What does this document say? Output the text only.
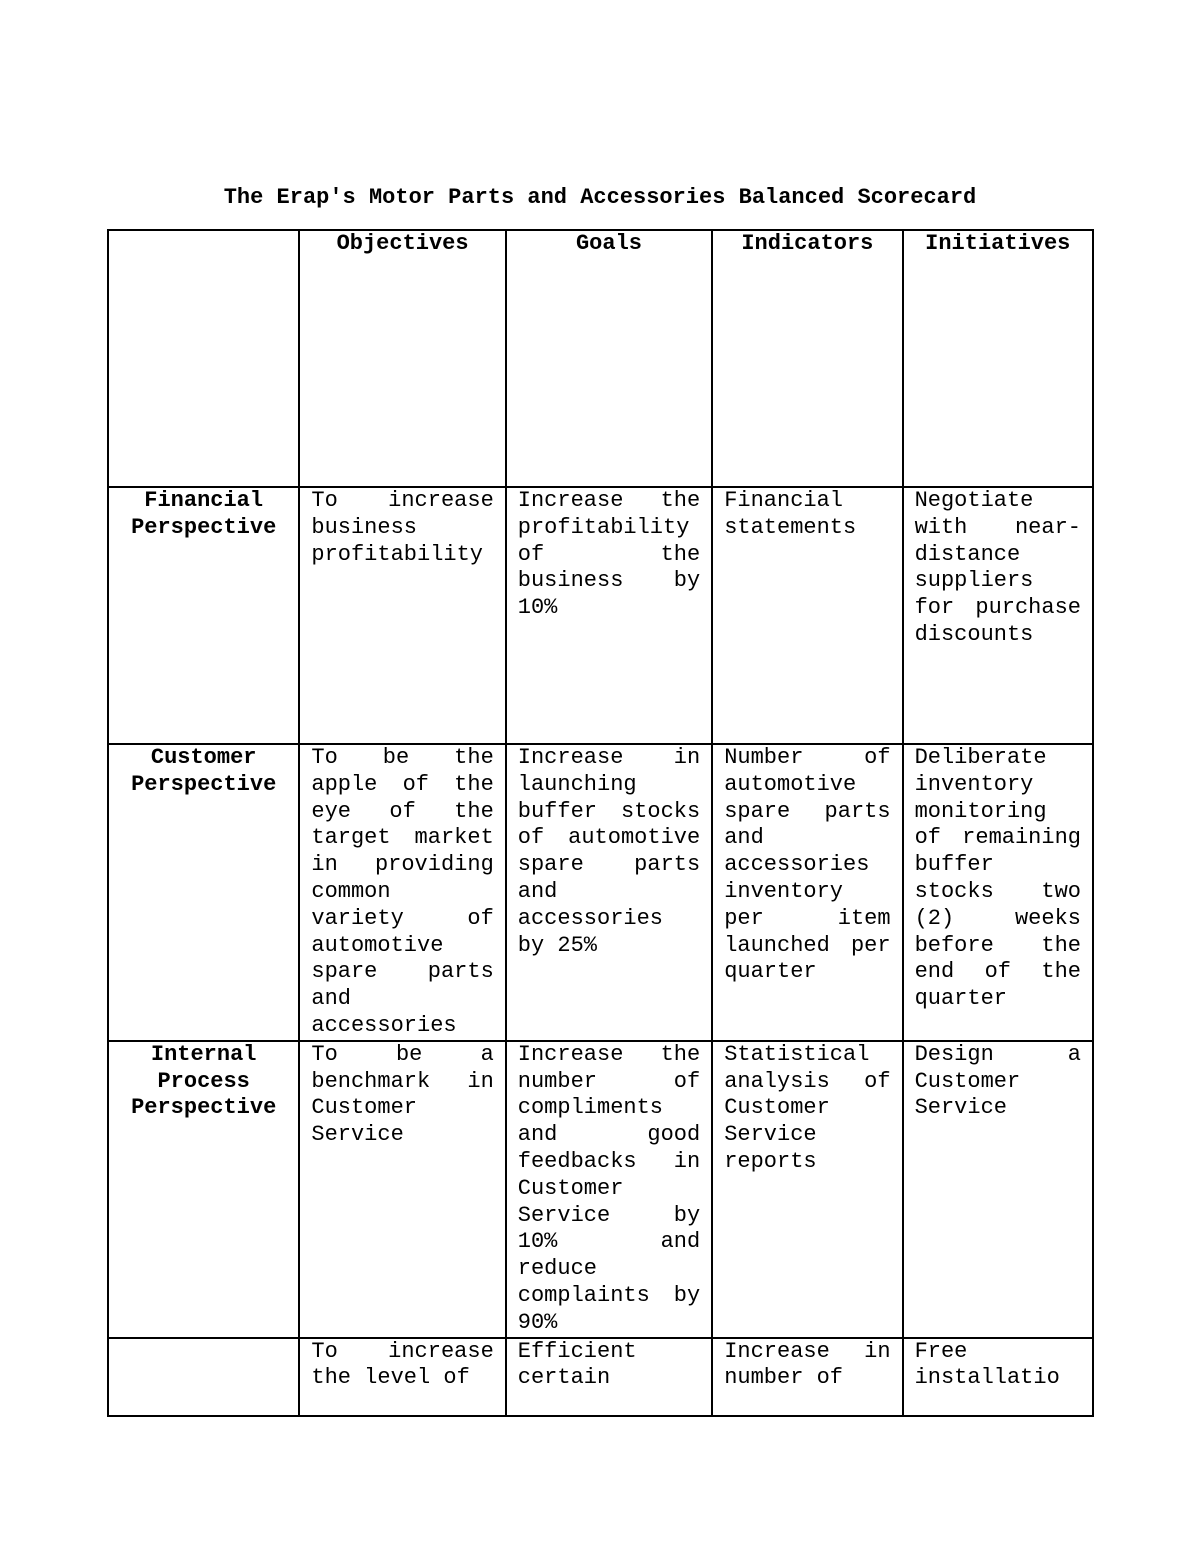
The Erap's Motor Parts and Accessories Balanced Scorecard
	Objectives	Goals	Indicators	Initiatives
Financial Perspective	To increase business profitability	Increase the profitability of the business by 10%	Financial statements	Negotiate with near-distance suppliers for purchase discounts
Customer Perspective	To be the apple of the eye of the target market in providing common variety of automotive spare parts and accessories	Increase in launching buffer stocks of automotive spare parts and accessories by 25%	Number of automotive spare parts and accessories inventory per item launched per quarter	Deliberate inventory monitoring of remaining buffer stocks two (2) weeks before the end of the quarter
Internal Process Perspective	To be a benchmark in Customer Service	Increase the number of compliments and good feedbacks in Customer Service by 10% and reduce complaints by 90%	Statistical analysis of Customer Service reports	Design a Customer Service
	To increase the level of	Efficient certain	Increase in number of	Free installatio
